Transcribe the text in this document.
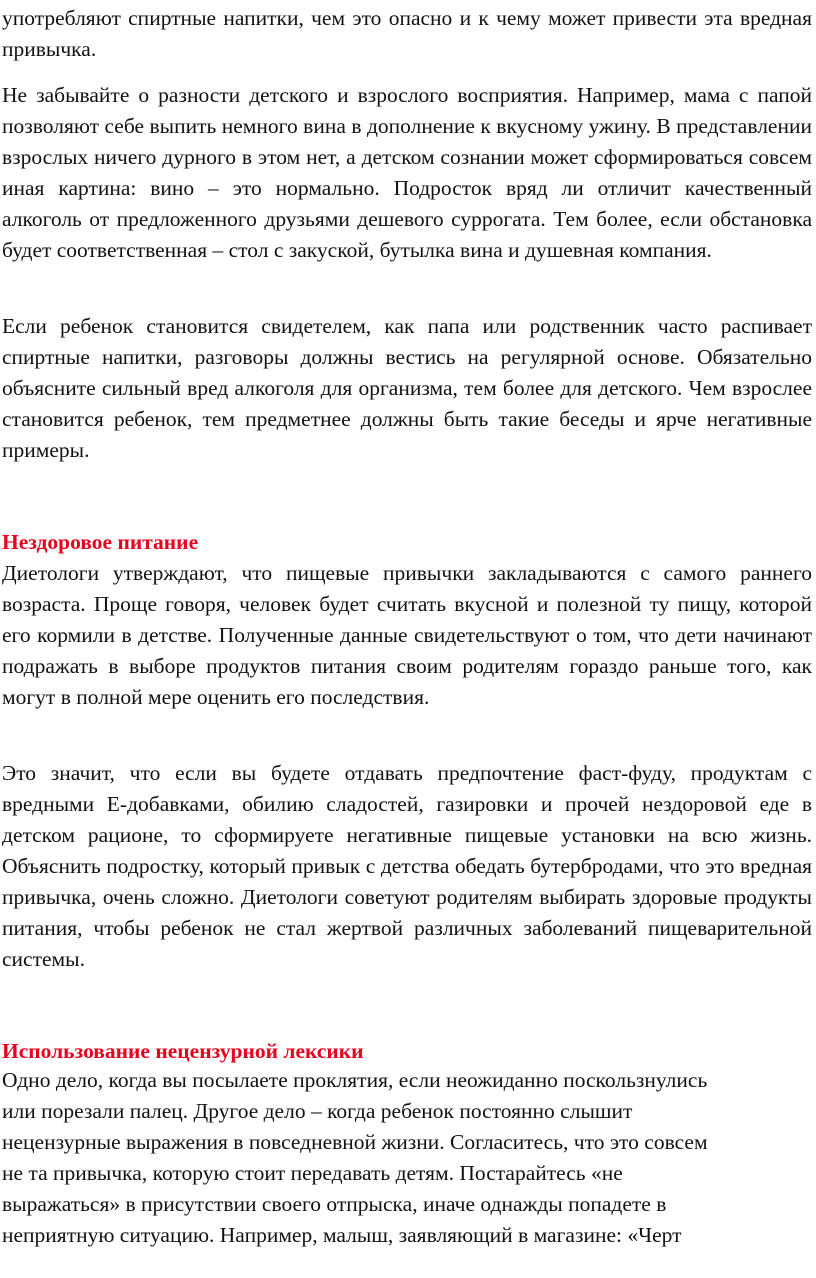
употребляют спиртные напитки, чем это опасно и к чему может привести эта вредная привычка.

Не забывайте о разности детского и взрослого восприятия. Например, мама с папой позволяют себе выпить немного вина в дополнение к вкусному ужину. В представлении взрослых ничего дурного в этом нет, а детском сознании может сформироваться совсем иная картина: вино – это нормально. Подросток вряд ли отличит качественный алкоголь от предложенного друзьями дешевого суррогата. Тем более, если обстановка будет соответственная – стол с закуской, бутылка вина и душевная компания.

Если ребенок становится свидетелем, как папа или родственник часто распивает спиртные напитки, разговоры должны вестись на регулярной основе. Обязательно объясните сильный вред алкоголя для организма, тем более для детского. Чем взрослее становится ребенок, тем предметнее должны быть такие беседы и ярче негативные примеры.

Нездоровое питание

Диетологи утверждают, что пищевые привычки закладываются с самого раннего возраста. Проще говоря, человек будет считать вкусной и полезной ту пищу, которой его кормили в детстве. Полученные данные свидетельствуют о том, что дети начинают подражать в выборе продуктов питания своим родителям гораздо раньше того, как могут в полной мере оценить его последствия.

Это значит, что если вы будете отдавать предпочтение фаст-фуду, продуктам с вредными Е-добавками, обилию сладостей, газировки и прочей нездоровой еде в детском рационе, то сформируете негативные пищевые установки на всю жизнь. Объяснить подростку, который привык с детства обедать бутербродами, что это вредная привычка, очень сложно. Диетологи советуют родителям выбирать здоровые продукты питания, чтобы ребенок не стал жертвой различных заболеваний пищеварительной системы.

Использование нецензурной лексики
Одно дело, когда вы посылаете проклятия, если неожиданно поскользнулись
или порезали палец. Другое дело – когда ребенок постоянно слышит
нецензурные выражения в повседневной жизни. Согласитесь, что это совсем
не та привычка, которую стоит передавать детям. Постарайтесь «не
выражаться» в присутствии своего отпрыска, иначе однажды попадете в
неприятную ситуацию. Например, малыш, заявляющий в магазине: «Черт
